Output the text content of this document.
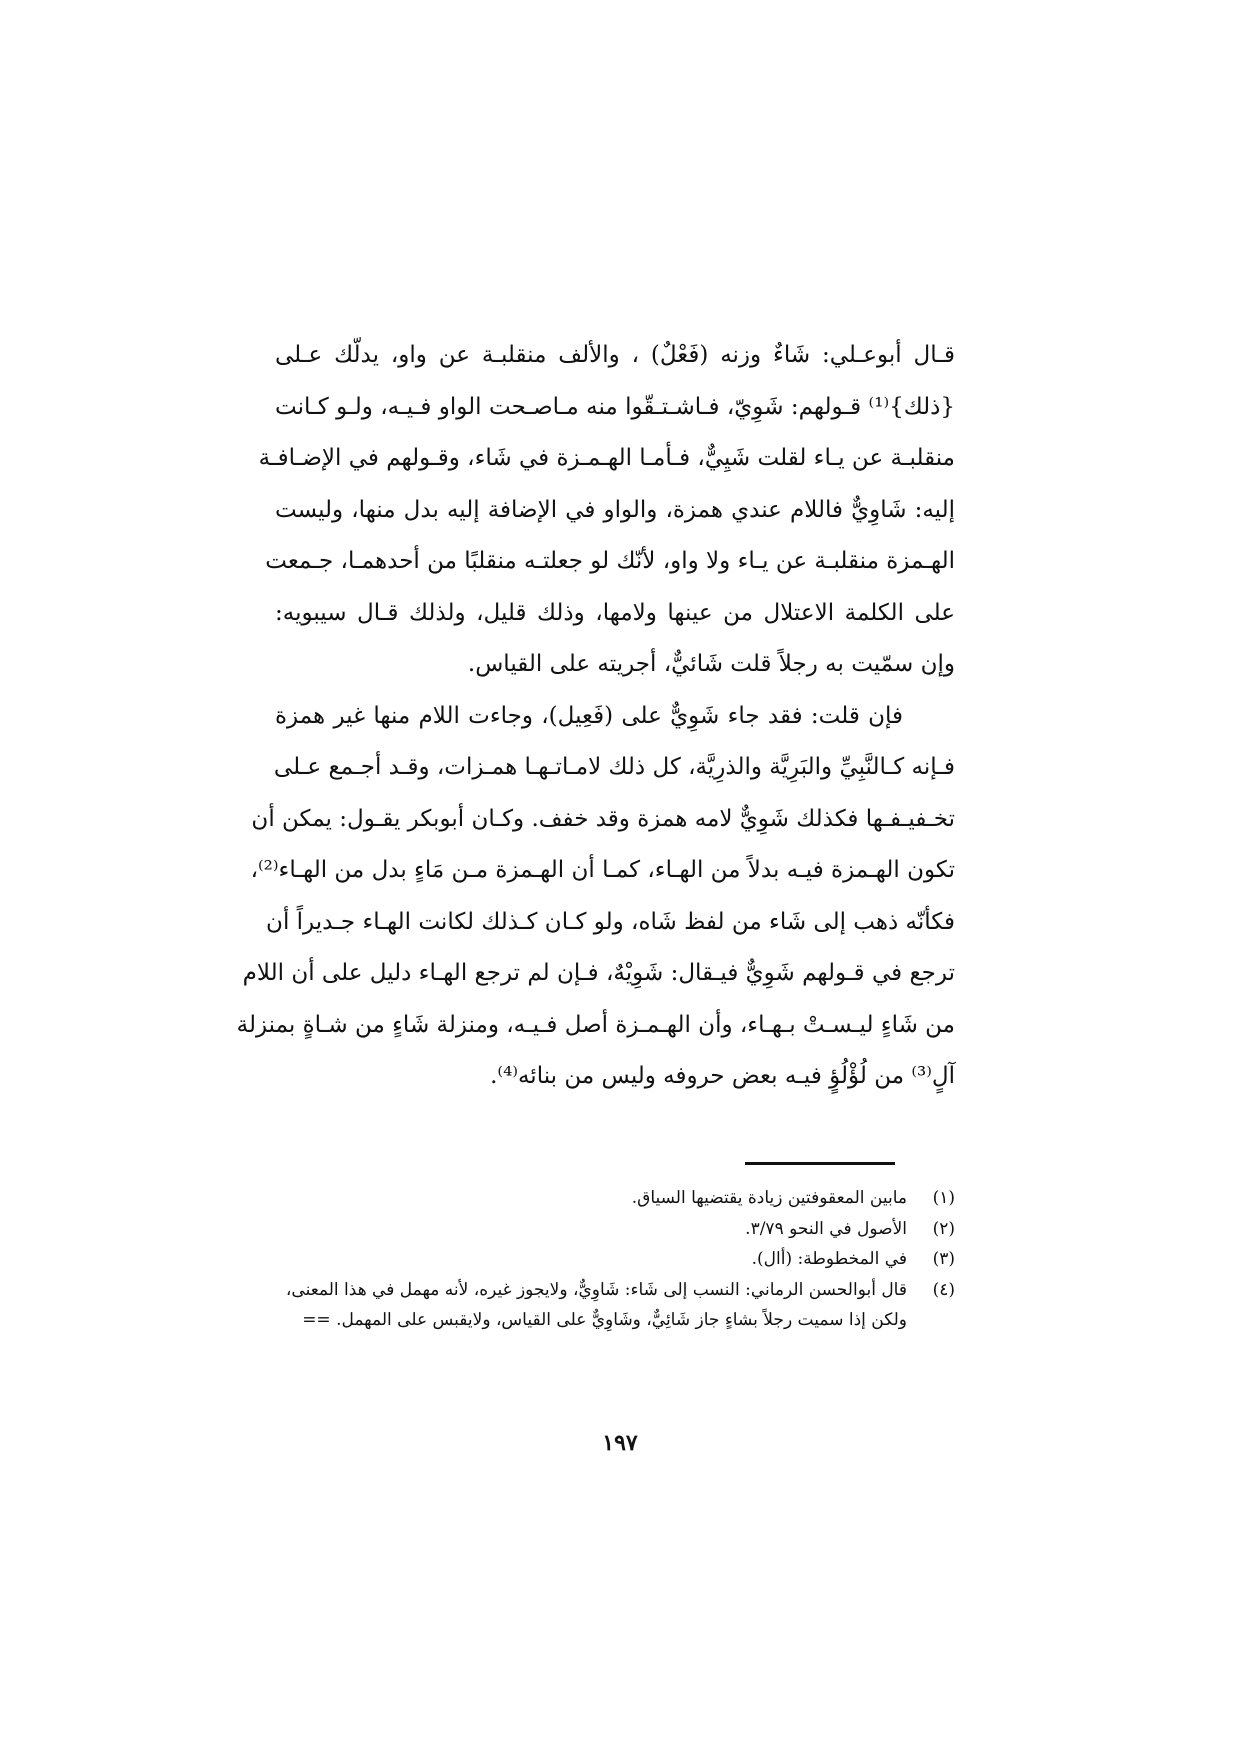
قـال أبوعـلي: شَاءٌ وزنه (فَعْلٌ) ، والألف منقلبـة عن واو، يدلّك عـلى
{ذلك}⁽¹⁾ قـولهم: شَوِيّ، فـاشـتـقّوا منه مـاصـحت الواو فـيـه، ولـو كـانت
منقلبـة عن يـاء لقلت شَيِيٌّ، فـأمـا الهـمـزة في شَاء، وقـولهم في الإضـافـة
إليه: شَاوِيٌّ فاللام عندي همزة، والواو في الإضافة إليه بدل منها، وليست
الهـمزة منقلبـة عن يـاء ولا واو، لأنّك لو جعلتـه منقلبًا من أحدهمـا، جـمعت
على الكلمة الاعتلال من عينها ولامها، وذلك قليل، ولذلك قـال سيبويه:
وإن سمّيت به رجلاً قلت شَائيٌّ، أجريته على القياس.
فإن قلت: فقد جاء شَوِيٌّ على (فَعِيل)، وجاءت اللام منها غير همزة
فـإنه كـالنَّبِيِّ والبَرِيَّة والذرِيَّة، كل ذلك لامـاتـهـا همـزات، وقـد أجـمع عـلى
تخـفيـفـها فكذلك شَوِيٌّ لامه همزة وقد خفف. وكـان أبوبكر يقـول: يمكن أن
تكون الهـمزة فيـه بدلاً من الهـاء، كمـا أن الهـمزة مـن مَاءٍ بدل من الهـاء⁽²⁾،
فكأنّه ذهب إلى شَاء من لفظ شَاه، ولو كـان كـذلك لكانت الهـاء جـديراً أن
ترجع في قـولهم شَوِيٌّ فيـقال: شَوِيْهٌ، فـإن لم ترجع الهـاء دليل على أن اللام
من شَاءٍ ليـسـتْ بـهـاء، وأن الهـمـزة أصل فـيـه، ومنزلة شَاءٍ من شـاةٍ بمنزلة
آلٍ⁽³⁾ من لُؤْلُؤٍ فيـه بعض حروفه وليس من بنائه⁽⁴⁾.
(١)مابين المعقوفتين زيادة يقتضيها السياق.
(٢)الأصول في النحو ٣/٧٩.
(٣)في المخطوطة: (أال).
(٤)قال أبوالحسن الرماني: النسب إلى شَاء: شَاوِيٌّ، ولايجوز غيره، لأنه مهمل في هذا المعنى،
ولكن إذا سميت رجلاً بشاءٍ جاز شَائِيٌّ، وشَاوِيٌّ على القياس، ولايقبس على المهمل. ==
١٩٧
